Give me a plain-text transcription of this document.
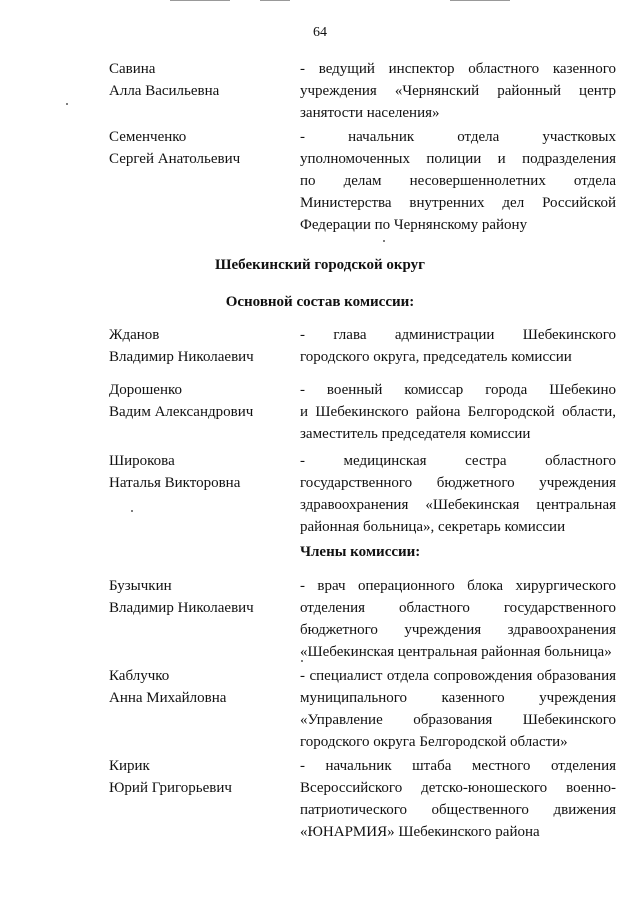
64
Савина
Алла Васильевна
- ведущий инспектор областного казенного
учреждения «Чернянский районный центр
занятости населения»
Семенченко
Сергей Анатольевич
- начальник отдела участковых
уполномоченных полиции и подразделения
по делам несовершеннолетних отдела
Министерства внутренних дел Российской
Федерации по Чернянскому району
Шебекинский городской округ
Основной состав комиссии:
Жданов
Владимир Николаевич
- глава администрации Шебекинского
городского округа, председатель комиссии
Дорошенко
Вадим Александрович
- военный комиссар города Шебекино
и Шебекинского района Белгородской области,
заместитель председателя комиссии
Широкова
Наталья Викторовна
- медицинская сестра областного
государственного бюджетного учреждения
здравоохранения «Шебекинская центральная
районная больница», секретарь комиссии
Члены комиссии:
Бузычкин
Владимир Николаевич
- врач операционного блока хирургического
отделения областного государственного
бюджетного учреждения здравоохранения
«Шебекинская центральная районная больница»
Каблучко
Анна Михайловна
- специалист отдела сопровождения образования
муниципального казенного учреждения
«Управление образования Шебекинского
городского округа Белгородской области»
Кирик
Юрий Григорьевич
- начальник штаба местного отделения
Всероссийского детско-юношеского военно-
патриотического общественного движения
«ЮНАРМИЯ» Шебекинского района
